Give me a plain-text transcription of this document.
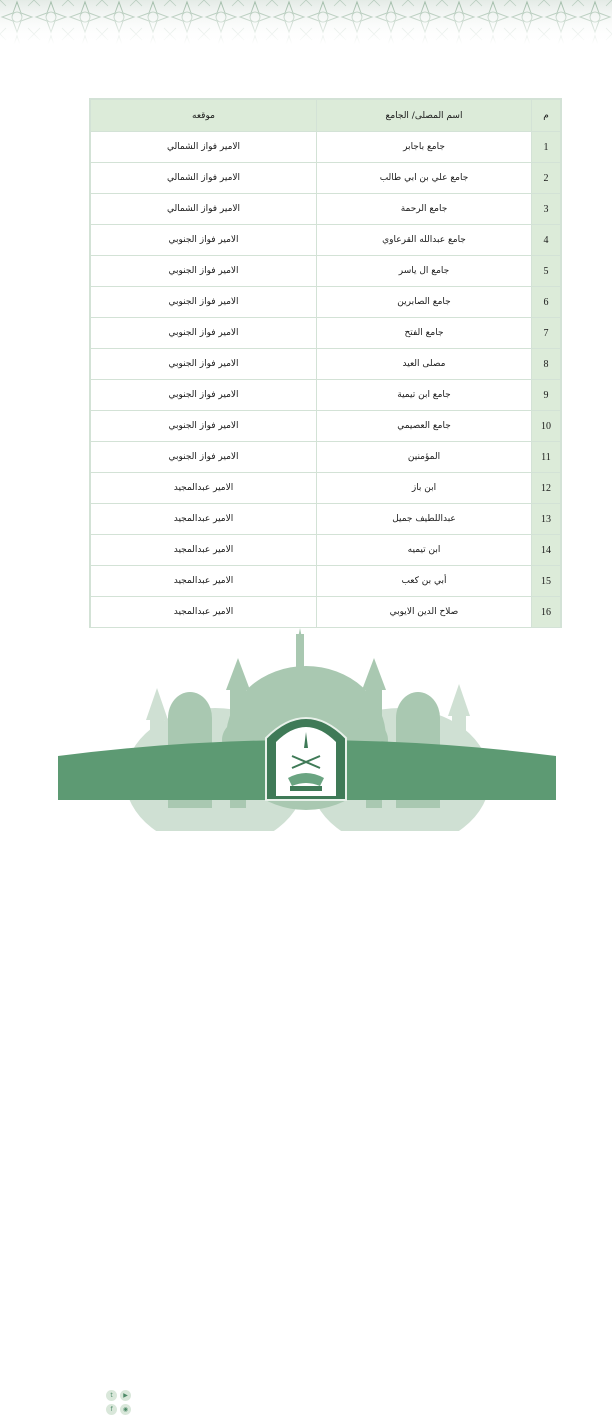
م	اسم المصلى/ الجامع	موقعه
1	جامع باجابر	الامير فواز الشمالي
2	جامع علي بن ابي طالب	الامير فواز الشمالي
3	جامع الرحمة	الامير فواز الشمالي
4	جامع عبدالله القرعاوي	الامير فواز الجنوبي
5	جامع ال ياسر	الامير فواز الجنوبي
6	جامع الصابرين	الامير فواز الجنوبي
7	جامع الفتح	الامير فواز الجنوبي
8	مصلى العيد	الامير فواز الجنوبي
9	جامع ابن تيمية	الامير فواز الجنوبي
10	جامع العصيمي	الامير فواز الجنوبي
11	المؤمنين	الامير فواز الجنوبي
12	ابن باز	الامير عبدالمجيد
13	عبداللطيف جميل	الامير عبدالمجيد
14	ابن تيميه	الامير عبدالمجيد
15	أبي بن كعب	الامير عبدالمجيد
16	صلاح الدين الايوبي	الامير عبدالمجيد
t	▶
f	◉
SAUDI_MOIA
WWW.MOIA.GOV.SA
1933
وزارة الشؤون الإسلامية والدعوة والإرشاد
MINISTRY OF ISLAMIC AFFAIRS, DAWAH AND GUIDANCE
